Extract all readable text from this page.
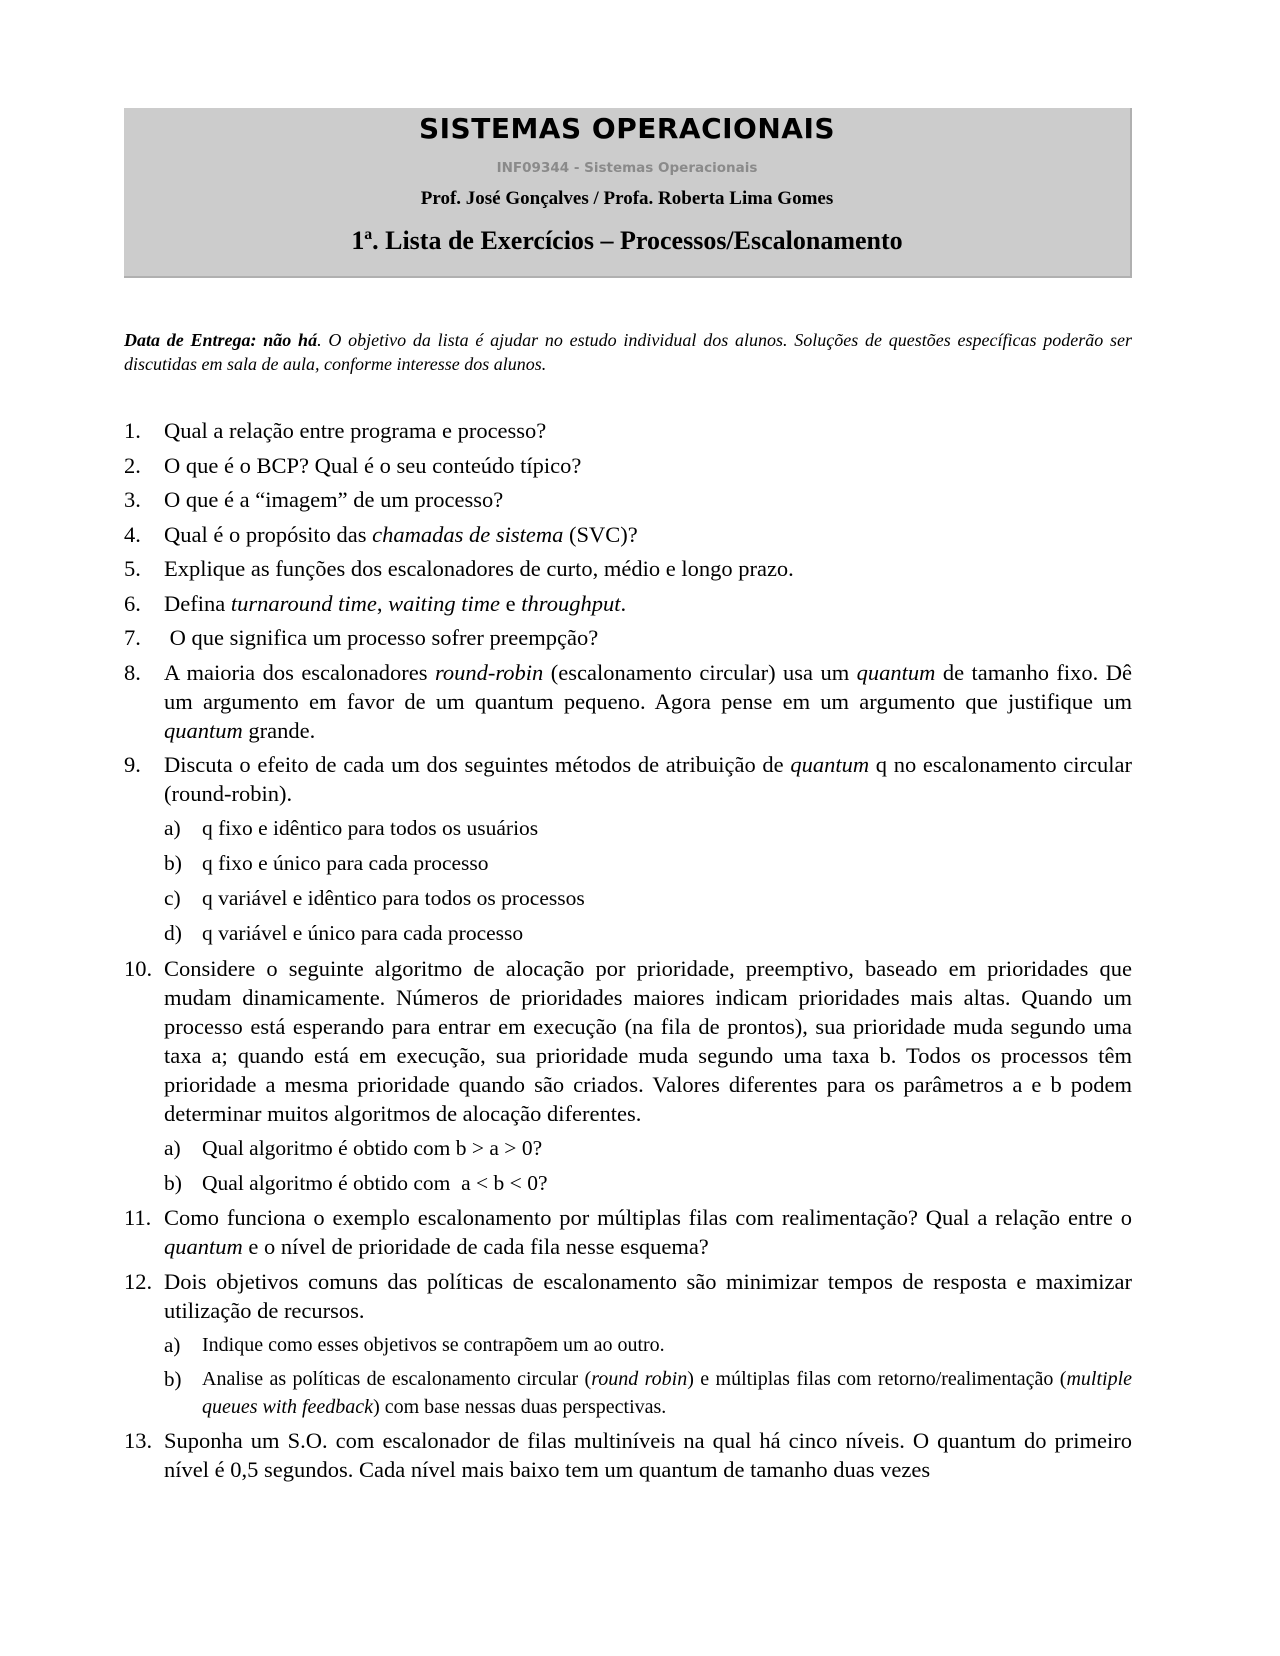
SISTEMAS OPERACIONAIS
INF09344 - Sistemas Operacionais
Prof. José Gonçalves / Profa. Roberta Lima Gomes
1ª. Lista de Exercícios – Processos/Escalonamento
Data de Entrega: não há. O objetivo da lista é ajudar no estudo individual dos alunos. Soluções de questões específicas poderão ser discutidas em sala de aula, conforme interesse dos alunos.
1. Qual a relação entre programa e processo?
2. O que é o BCP? Qual é o seu conteúdo típico?
3. O que é a “imagem” de um processo?
4. Qual é o propósito das chamadas de sistema (SVC)?
5. Explique as funções dos escalonadores de curto, médio e longo prazo.
6. Defina turnaround time, waiting time e throughput.
7. O que significa um processo sofrer preempção?
8. A maioria dos escalonadores round-robin (escalonamento circular) usa um quantum de tamanho fixo. Dê um argumento em favor de um quantum pequeno. Agora pense em um argumento que justifique um quantum grande.
9. Discuta o efeito de cada um dos seguintes métodos de atribuição de quantum q no escalonamento circular (round-robin).
a) q fixo e idêntico para todos os usuários
b) q fixo e único para cada processo
c) q variável e idêntico para todos os processos
d) q variável e único para cada processo
10. Considere o seguinte algoritmo de alocação por prioridade, preemptivo, baseado em prioridades que mudam dinamicamente. Números de prioridades maiores indicam prioridades mais altas. Quando um processo está esperando para entrar em execução (na fila de prontos), sua prioridade muda segundo uma taxa a; quando está em execução, sua prioridade muda segundo uma taxa b. Todos os processos têm prioridade a mesma prioridade quando são criados. Valores diferentes para os parâmetros a e b podem determinar muitos algoritmos de alocação diferentes.
a) Qual algoritmo é obtido com b > a > 0?
b) Qual algoritmo é obtido com  a < b < 0?
11. Como funciona o exemplo escalonamento por múltiplas filas com realimentação? Qual a relação entre o quantum e o nível de prioridade de cada fila nesse esquema?
12. Dois objetivos comuns das políticas de escalonamento são minimizar tempos de resposta e maximizar utilização de recursos.
a) Indique como esses objetivos se contrapõem um ao outro.
b) Analise as políticas de escalonamento circular (round robin) e múltiplas filas com retorno/realimentação (multiple queues with feedback) com base nessas duas perspectivas.
13. Suponha um S.O. com escalonador de filas multiníveis na qual há cinco níveis. O quantum do primeiro nível é 0,5 segundos. Cada nível mais baixo tem um quantum de tamanho duas vezes
